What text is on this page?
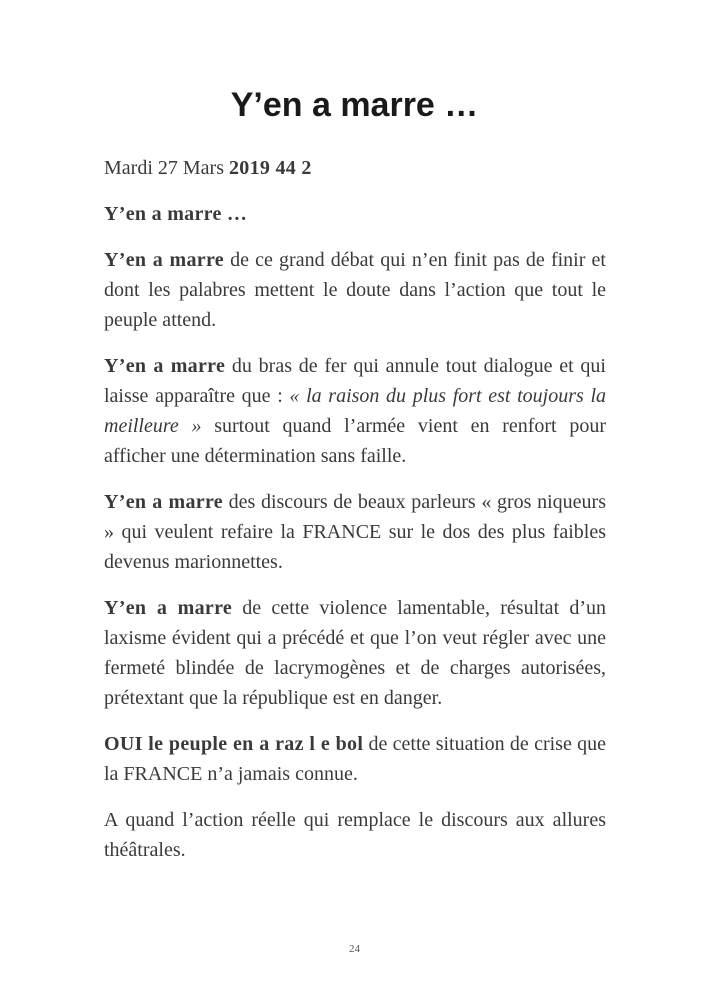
Y’en a marre …

Mardi 27 Mars 2019 44 2

Y’en a marre …

Y’en a marre de ce grand débat qui n’en finit pas de finir et dont les palabres mettent le doute dans l’action que tout le peuple attend.

Y’en a marre du bras de fer qui annule tout dialogue et qui laisse apparaître que : « la raison du plus fort est toujours la meilleure » surtout quand l’armée vient en renfort pour afficher une détermination sans faille.

Y’en a marre des discours de beaux parleurs « gros niqueurs » qui veulent refaire la FRANCE sur le dos des plus faibles devenus marionnettes.

Y’en a marre de cette violence lamentable, résultat d’un laxisme évident qui a précédé et que l’on veut régler avec une fermeté blindée de lacrymogènes et de charges autorisées, prétextant que la république est en danger.

OUI le peuple en a raz l e bol de cette situation de crise que la FRANCE n’a jamais connue.

A quand l’action réelle qui remplace le discours aux allures théâtrales.

24
